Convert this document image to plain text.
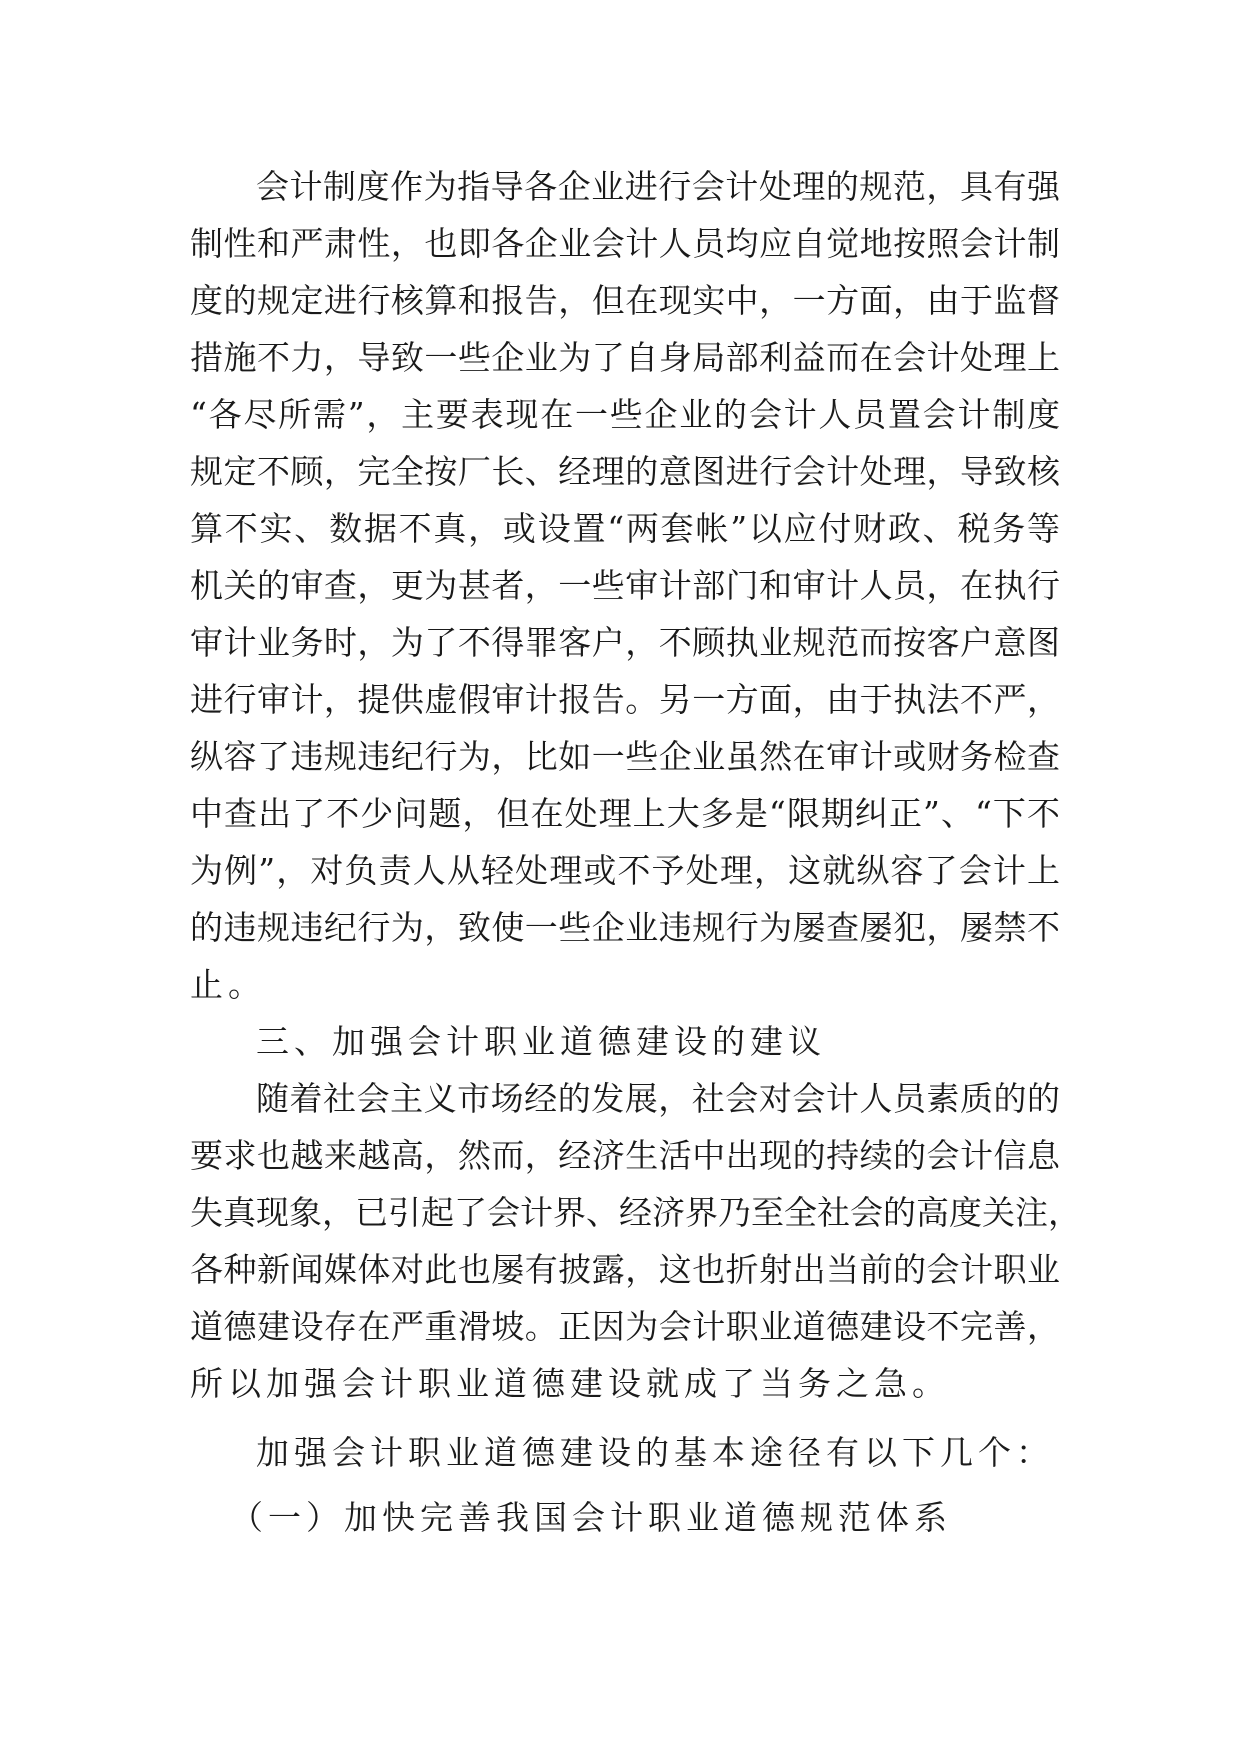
会计制度作为指导各企业进行会计处理的规范，具有强
制性和严肃性，也即各企业会计人员均应自觉地按照会计制
度的规定进行核算和报告，但在现实中，一方面，由于监督
措施不力，导致一些企业为了自身局部利益而在会计处理上
“各尽所需”，主要表现在一些企业的会计人员置会计制度
规定不顾，完全按厂长、经理的意图进行会计处理，导致核
算不实、数据不真，或设置“两套帐”以应付财政、税务等
机关的审查，更为甚者，一些审计部门和审计人员，在执行
审计业务时，为了不得罪客户，不顾执业规范而按客户意图
进行审计，提供虚假审计报告。另一方面，由于执法不严，
纵容了违规违纪行为，比如一些企业虽然在审计或财务检查
中查出了不少问题，但在处理上大多是“限期纠正”、“下不
为例”，对负责人从轻处理或不予处理，这就纵容了会计上
的违规违纪行为，致使一些企业违规行为屡查屡犯，屡禁不
止。
三、加强会计职业道德建设的建议
随着社会主义市场经的发展，社会对会计人员素质的的
要求也越来越高，然而，经济生活中出现的持续的会计信息
失真现象，已引起了会计界、经济界乃至全社会的高度关注，
各种新闻媒体对此也屡有披露，这也折射出当前的会计职业
道德建设存在严重滑坡。正因为会计职业道德建设不完善，
所以加强会计职业道德建设就成了当务之急。
加强会计职业道德建设的基本途径有以下几个：
（一）加快完善我国会计职业道德规范体系
